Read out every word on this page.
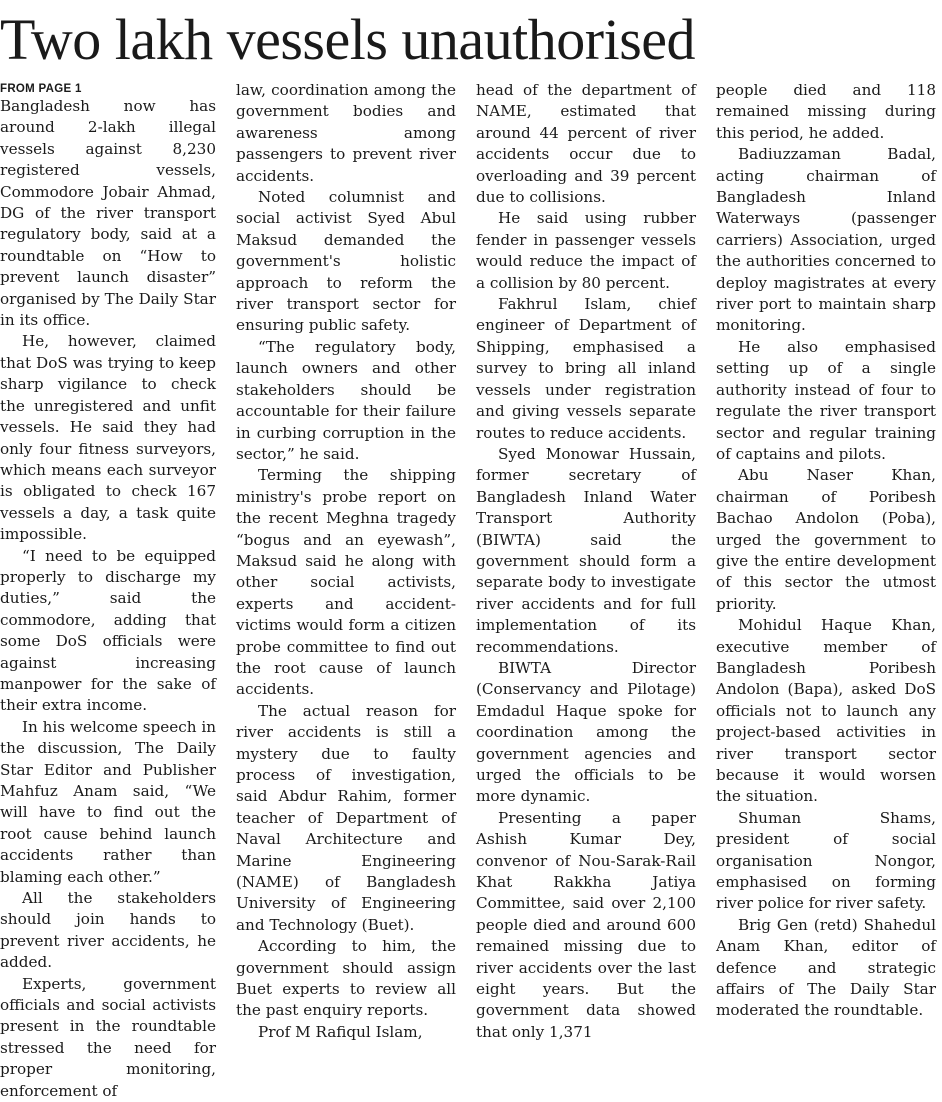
Two lakh vessels unauthorised
FROM PAGE 1

Bangladesh now has around 2-lakh illegal vessels against 8,230 registered vessels, Commodore Jobair Ahmad, DG of the river transport regulatory body, said at a roundtable on “How to prevent launch disaster” organised by The Daily Star in its office.

He, however, claimed that DoS was trying to keep sharp vigilance to check the unregistered and unfit vessels. He said they had only four fitness surveyors, which means each surveyor is obligated to check 167 vessels a day, a task quite impossible.

“I need to be equipped properly to discharge my duties,” said the commodore, adding that some DoS officials were against increasing manpower for the sake of their extra income.

In his welcome speech in the discussion, The Daily Star Editor and Publisher Mahfuz Anam said, “We will have to find out the root cause behind launch accidents rather than blaming each other.”

All the stakeholders should join hands to prevent river accidents, he added.

Experts, government officials and social activists present in the roundtable stressed the need for proper monitoring, enforcement of

law, coordination among the government bodies and awareness among passengers to prevent river accidents.

Noted columnist and social activist Syed Abul Maksud demanded the government's holistic approach to reform the river transport sector for ensuring public safety.

“The regulatory body, launch owners and other stakeholders should be accountable for their failure in curbing corruption in the sector,” he said.

Terming the shipping ministry's probe report on the recent Meghna tragedy “bogus and an eyewash”, Maksud said he along with other social activists, experts and accident-victims would form a citizen probe committee to find out the root cause of launch accidents.

The actual reason for river accidents is still a mystery due to faulty process of investigation, said Abdur Rahim, former teacher of Department of Naval Architecture and Marine Engineering (NAME) of Bangladesh University of Engineering and Technology (Buet).

According to him, the government should assign Buet experts to review all the past enquiry reports.

Prof M Rafiqul Islam,

head of the department of NAME, estimated that around 44 percent of river accidents occur due to overloading and 39 percent due to collisions.

He said using rubber fender in passenger vessels would reduce the impact of a collision by 80 percent.

Fakhrul Islam, chief engineer of Department of Shipping, emphasised a survey to bring all inland vessels under registration and giving vessels separate routes to reduce accidents.

Syed Monowar Hussain, former secretary of Bangladesh Inland Water Transport Authority (BIWTA) said the government should form a separate body to investigate river accidents and for full implementation of its recommendations.

BIWTA Director (Conservancy and Pilotage) Emdadul Haque spoke for coordination among the government agencies and urged the officials to be more dynamic.

Presenting a paper Ashish Kumar Dey, convenor of Nou-Sarak-Rail Khat Rakkha Jatiya Committee, said over 2,100 people died and around 600 remained missing due to river accidents over the last eight years. But the government data showed that only 1,371

people died and 118 remained missing during this period, he added.

Badiuzzaman Badal, acting chairman of Bangladesh Inland Waterways (passenger carriers) Association, urged the authorities concerned to deploy magistrates at every river port to maintain sharp monitoring.

He also emphasised setting up of a single authority instead of four to regulate the river transport sector and regular training of captains and pilots.

Abu Naser Khan, chairman of Poribesh Bachao Andolon (Poba), urged the government to give the entire development of this sector the utmost priority.

Mohidul Haque Khan, executive member of Bangladesh Poribesh Andolon (Bapa), asked DoS officials not to launch any project-based activities in river transport sector because it would worsen the situation.

Shuman Shams, president of social organisation Nongor, emphasised on forming river police for river safety.

Brig Gen (retd) Shahedul Anam Khan, editor of defence and strategic affairs of The Daily Star moderated the roundtable.
